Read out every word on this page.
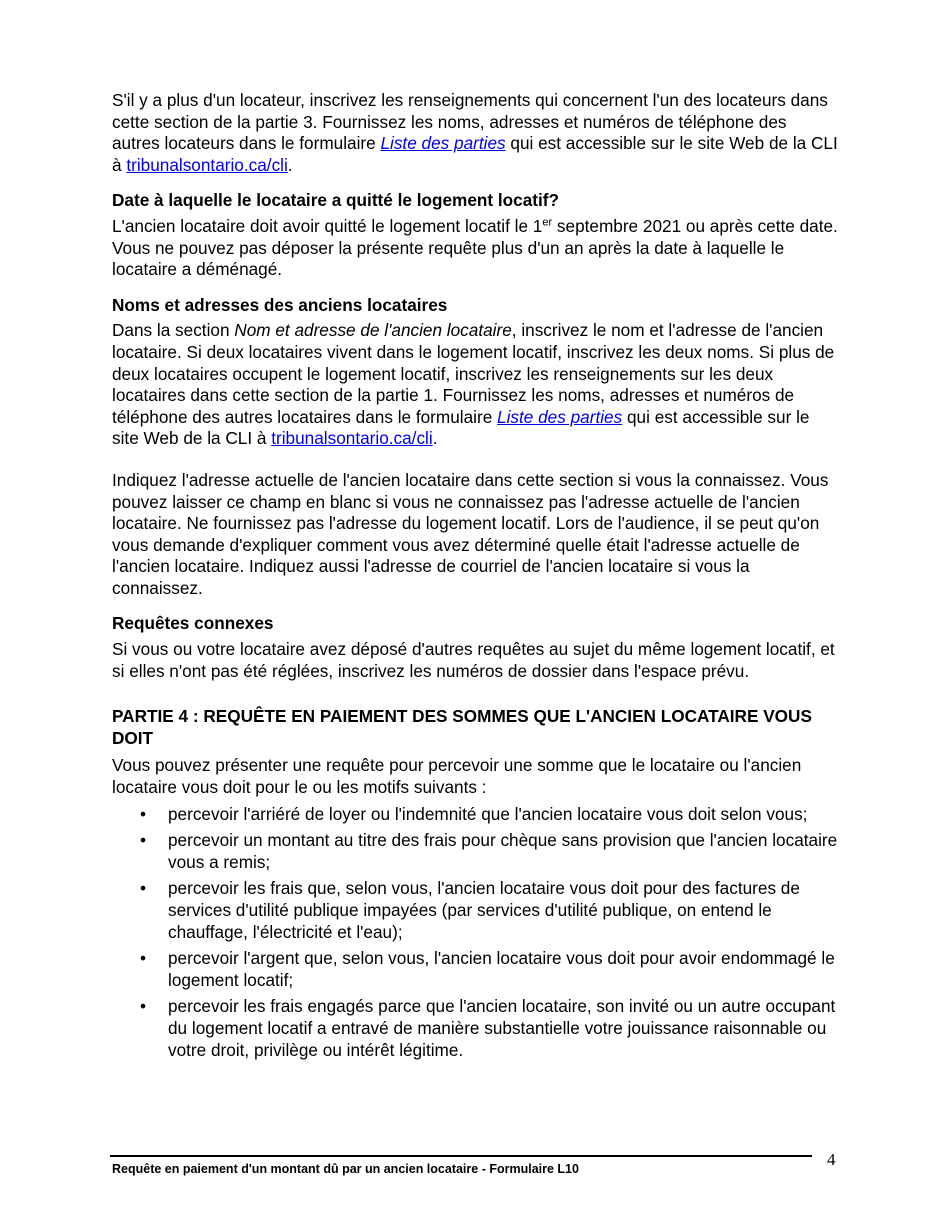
S'il y a plus d'un locateur, inscrivez les renseignements qui concernent l'un des locateurs dans cette section de la partie 3. Fournissez les noms, adresses et numéros de téléphone des autres locateurs dans le formulaire Liste des parties qui est accessible sur le site Web de la CLI à tribunalsontario.ca/cli.

Date à laquelle le locataire a quitté le logement locatif?

L'ancien locataire doit avoir quitté le logement locatif le 1er septembre 2021 ou après cette date. Vous ne pouvez pas déposer la présente requête plus d'un an après la date à laquelle le locataire a déménagé.

Noms et adresses des anciens locataires

Dans la section Nom et adresse de l'ancien locataire, inscrivez le nom et l'adresse de l'ancien locataire. Si deux locataires vivent dans le logement locatif, inscrivez les deux noms. Si plus de deux locataires occupent le logement locatif, inscrivez les renseignements sur les deux locataires dans cette section de la partie 1. Fournissez les noms, adresses et numéros de téléphone des autres locataires dans le formulaire Liste des parties qui est accessible sur le site Web de la CLI à tribunalsontario.ca/cli.

Indiquez l'adresse actuelle de l'ancien locataire dans cette section si vous la connaissez. Vous pouvez laisser ce champ en blanc si vous ne connaissez pas l'adresse actuelle de l'ancien locataire. Ne fournissez pas l'adresse du logement locatif. Lors de l'audience, il se peut qu'on vous demande d'expliquer comment vous avez déterminé quelle était l'adresse actuelle de l'ancien locataire. Indiquez aussi l'adresse de courriel de l'ancien locataire si vous la connaissez.

Requêtes connexes

Si vous ou votre locataire avez déposé d'autres requêtes au sujet du même logement locatif, et si elles n'ont pas été réglées, inscrivez les numéros de dossier dans l'espace prévu.

PARTIE 4 : REQUÊTE EN PAIEMENT DES SOMMES QUE L'ANCIEN LOCATAIRE VOUS DOIT

Vous pouvez présenter une requête pour percevoir une somme que le locataire ou l'ancien locataire vous doit pour le ou les motifs suivants :

• percevoir l'arriéré de loyer ou l'indemnité que l'ancien locataire vous doit selon vous;
• percevoir un montant au titre des frais pour chèque sans provision que l'ancien locataire vous a remis;
• percevoir les frais que, selon vous, l'ancien locataire vous doit pour des factures de services d'utilité publique impayées (par services d'utilité publique, on entend le chauffage, l'électricité et l'eau);
• percevoir l'argent que, selon vous, l'ancien locataire vous doit pour avoir endommagé le logement locatif;
• percevoir les frais engagés parce que l'ancien locataire, son invité ou un autre occupant du logement locatif a entravé de manière substantielle votre jouissance raisonnable ou votre droit, privilège ou intérêt légitime.
Requête en paiement d'un montant dû par un ancien locataire - Formulaire L10	4
